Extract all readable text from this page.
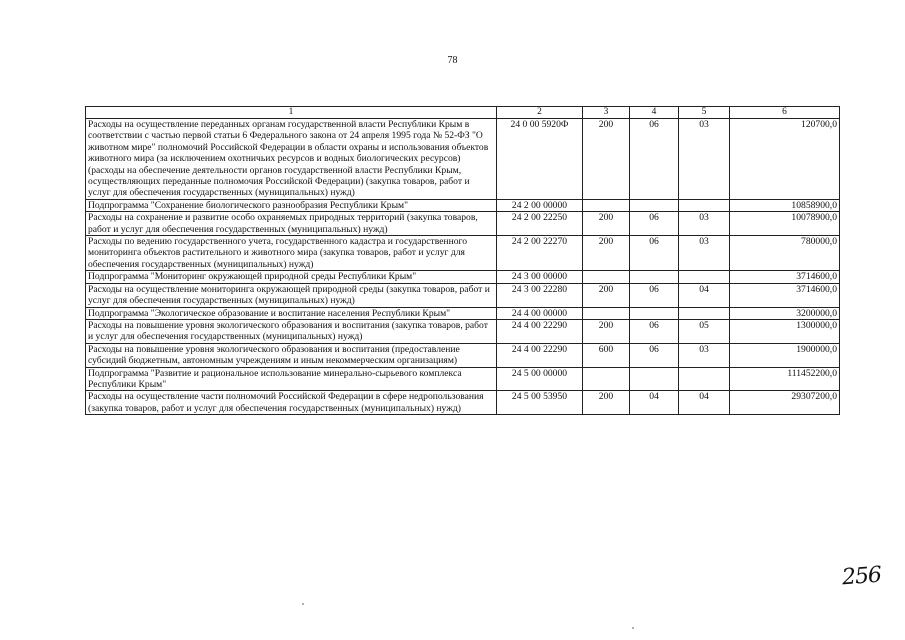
78
1	2	3	4	5	6
Расходы на осуществление переданных органам государственной власти Республики Крым в соответствии с частью первой статьи 6 Федерального закона от 24 апреля 1995 года № 52-ФЗ "О животном мире" полномочий Российской Федерации в области охраны и использования объектов животного мира (за исключением охотничьих ресурсов и водных биологических ресурсов) (расходы на обеспечение деятельности органов государственной власти Республики Крым, осуществляющих переданные полномочия Российской Федерации) (закупка товаров, работ и услуг для обеспечения государственных (муниципальных) нужд)	24 0 00 5920Ф	200	06	03	120700,0
Подпрограмма "Сохранение биологического разнообразия Республики Крым"	24 2 00 00000				10858900,0
Расходы на сохранение и развитие особо охраняемых природных территорий (закупка товаров, работ и услуг для обеспечения государственных (муниципальных) нужд)	24 2 00 22250	200	06	03	10078900,0
Расходы по ведению государственного учета, государственного кадастра и государственного мониторинга объектов растительного и животного мира (закупка товаров, работ и услуг для обеспечения государственных (муниципальных) нужд)	24 2 00 22270	200	06	03	780000,0
Подпрограмма "Мониторинг окружающей природной среды Республики Крым"	24 3 00 00000				3714600,0
Расходы на осуществление мониторинга окружающей природной среды (закупка товаров, работ и услуг для обеспечения государственных (муниципальных) нужд)	24 3 00 22280	200	06	04	3714600,0
Подпрограмма "Экологическое образование и воспитание населения Республики Крым"	24 4 00 00000				3200000,0
Расходы на повышение уровня экологического образования и воспитания (закупка товаров, работ и услуг для обеспечения государственных (муниципальных) нужд)	24 4 00 22290	200	06	05	1300000,0
Расходы на повышение уровня экологического образования и воспитания (предоставление субсидий бюджетным, автономным учреждениям и иным некоммерческим организациям)	24 4 00 22290	600	06	03	1900000,0
Подпрограмма "Развитие и рациональное использование минерально-сырьевого комплекса Республики Крым"	24 5 00 00000				111452200,0
Расходы на осуществление части полномочий Российской Федерации в сфере недропользования (закупка товаров, работ и услуг для обеспечения государственных (муниципальных) нужд)	24 5 00 53950	200	04	04	29307200,0
256
